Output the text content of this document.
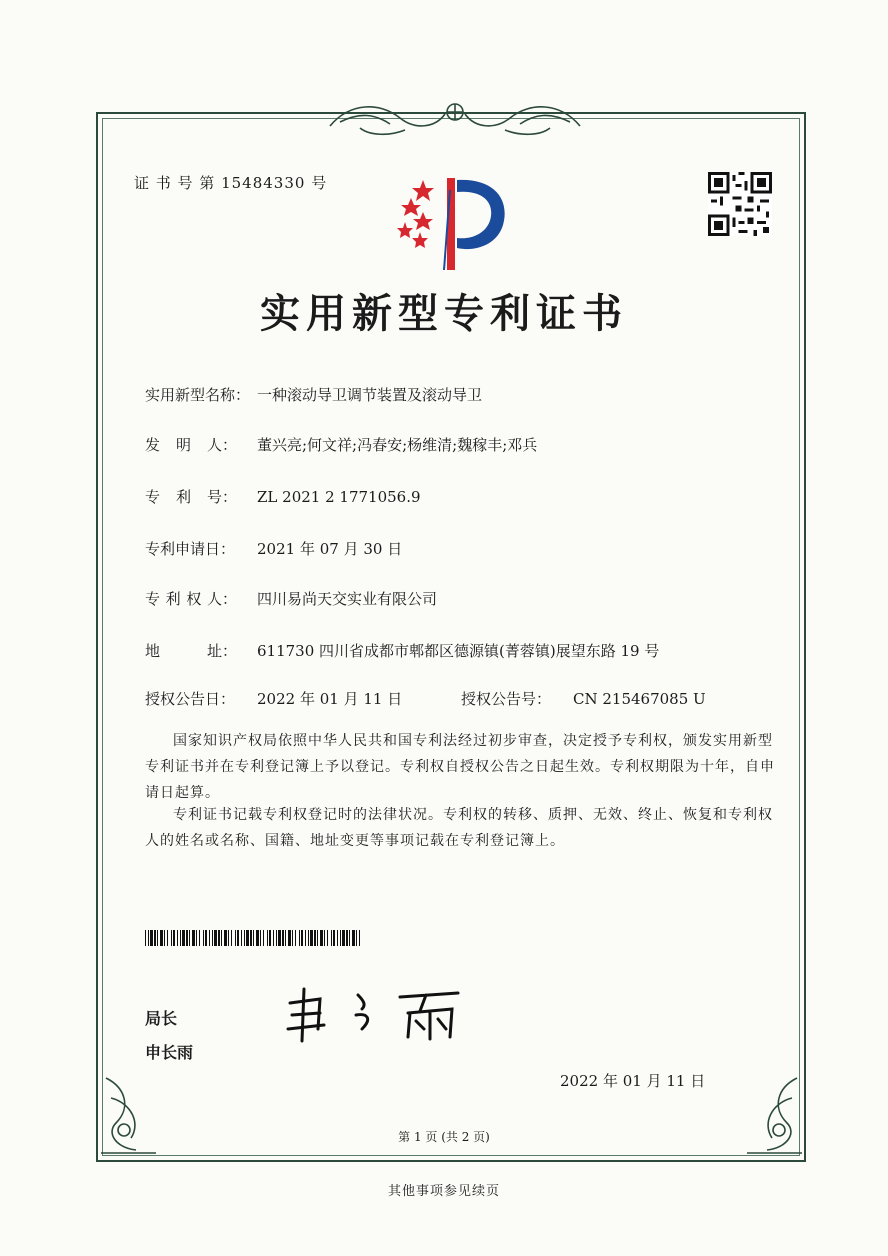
证 书 号 第 15484330 号
实用新型专利证书
实用新型名称： 一种滚动导卫调节装置及滚动导卫
发 明 人： 董兴亮;何文祥;冯春安;杨维清;魏稼丰;邓兵
专 利 号： ZL 2021 2 1771056.9
专利申请日：	2021 年 07 月 30 日
专 利 权 人： 四川易尚天交实业有限公司
地	址： 611730 四川省成都市郫都区德源镇(菁蓉镇)展望东路 19 号
授权公告日：	2022 年 01 月 11 日	授权公告号：	CN 215467085 U
国家知识产权局依照中华人民共和国专利法经过初步审查，决定授予专利权，颁发实用新型专利证书并在专利登记簿上予以登记。专利权自授权公告之日起生效。专利权期限为十年，自申请日起算。
专利证书记载专利权登记时的法律状况。专利权的转移、质押、无效、终止、恢复和专利权人的姓名或名称、国籍、地址变更等事项记载在专利登记簿上。
局长
申长雨
2022 年 01 月 11 日
第 1 页 (共 2 页)
其他事项参见续页
